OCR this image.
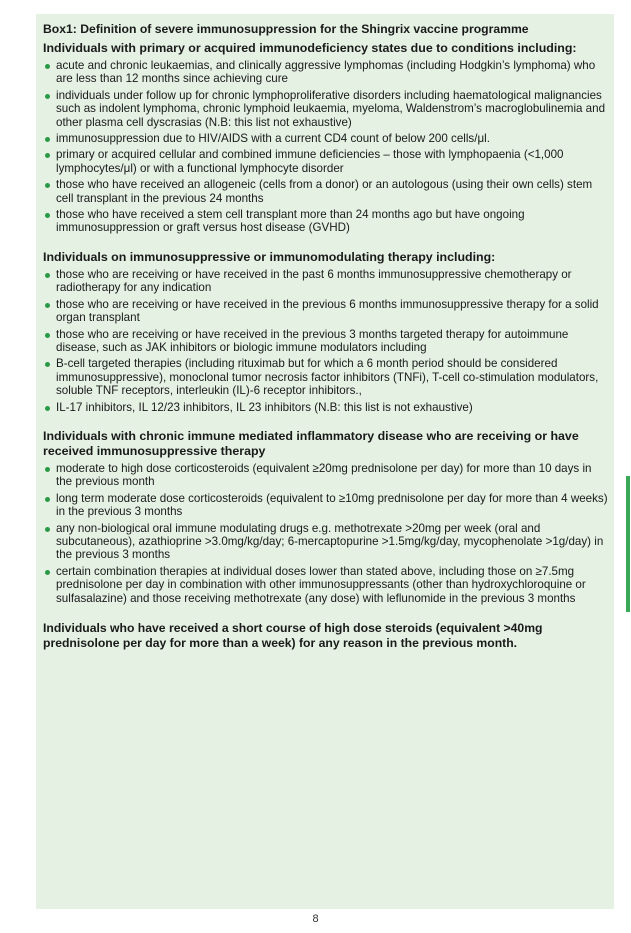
Box1: Definition of severe immunosuppression for the Shingrix vaccine programme
Individuals with primary or acquired immunodeficiency states due to conditions including:
acute and chronic leukaemias, and clinically aggressive lymphomas (including Hodgkin’s lymphoma) who are less than 12 months since achieving cure
individuals under follow up for chronic lymphoproliferative disorders including haematological malignancies such as indolent lymphoma, chronic lymphoid leukaemia, myeloma, Waldenstrom’s macroglobulinemia and other plasma cell dyscrasias (N.B: this list not exhaustive)
immunosuppression due to HIV/AIDS with a current CD4 count of below 200 cells/μl.
primary or acquired cellular and combined immune deficiencies – those with lymphopaenia (<1,000 lymphocytes/μl) or with a functional lymphocyte disorder
those who have received an allogeneic (cells from a donor) or an autologous (using their own cells) stem cell transplant in the previous 24 months
those who have received a stem cell transplant more than 24 months ago but have ongoing immunosuppression or graft versus host disease (GVHD)
Individuals on immunosuppressive or immunomodulating therapy including:
those who are receiving or have received in the past 6 months immunosuppressive chemotherapy or radiotherapy for any indication
those who are receiving or have received in the previous 6 months immunosuppressive therapy for a solid organ transplant
those who are receiving or have received in the previous 3 months targeted therapy for autoimmune disease, such as JAK inhibitors or biologic immune modulators including
B-cell targeted therapies (including rituximab but for which a 6 month period should be considered immunosuppressive), monoclonal tumor necrosis factor inhibitors (TNFi), T-cell co-stimulation modulators, soluble TNF receptors, interleukin (IL)-6 receptor inhibitors.,
IL-17 inhibitors, IL 12/23 inhibitors, IL 23 inhibitors (N.B: this list is not exhaustive)
Individuals with chronic immune mediated inflammatory disease who are receiving or have received immunosuppressive therapy
moderate to high dose corticosteroids (equivalent ≥20mg prednisolone per day) for more than 10 days in the previous month
long term moderate dose corticosteroids (equivalent to ≥10mg prednisolone per day for more than 4 weeks) in the previous 3 months
any non-biological oral immune modulating drugs e.g. methotrexate >20mg per week (oral and subcutaneous), azathioprine >3.0mg/kg/day; 6-mercaptopurine >1.5mg/kg/day, mycophenolate >1g/day) in the previous 3 months
certain combination therapies at individual doses lower than stated above, including those on ≥7.5mg prednisolone per day in combination with other immunosuppressants (other than hydroxychloroquine or sulfasalazine) and those receiving methotrexate (any dose) with leflunomide in the previous 3 months
Individuals who have received a short course of high dose steroids (equivalent >40mg prednisolone per day for more than a week) for any reason in the previous month.
8
